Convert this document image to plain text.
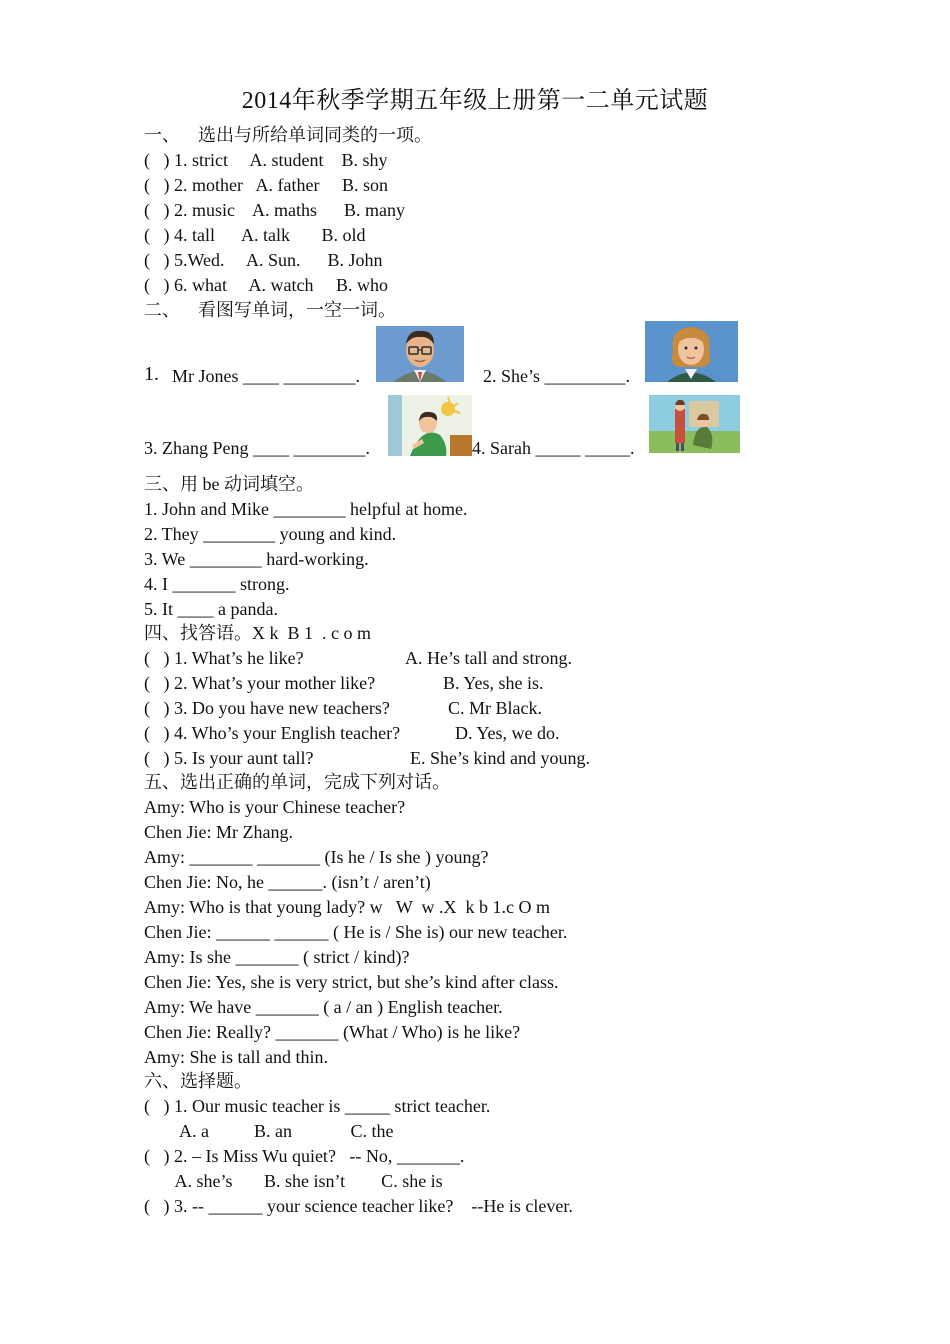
2014年秋季学期五年级上册第一二单元试题
一、    选出与所给单词同类的一项。
(   ) 1. strict     A. student    B. shy
(   ) 2. mother   A. father     B. son
(   ) 2. music    A. maths      B. many
(   ) 4. tall      A. talk       B. old
(   ) 5.Wed.     A. Sun.      B. John
(   ) 6. what     A. watch     B. who
二、    看图写单词，一空一词。
1. Mr Jones ____ ________.	2. She’s _________.
3. Zhang Peng ____ ________.	4. Sarah _____ _____.
三、用 be 动词填空。
1. John and Mike ________ helpful at home.
2. They ________ young and kind.
3. We ________ hard-working.
4. I _______ strong.
5. It ____ a panda.
四、找答语。X k  B 1  . c o m
(   ) 1. What’s he like?	A. He’s tall and strong.
(   ) 2. What’s your mother like?	B. Yes, she is.
(   ) 3. Do you have new teachers?	C. Mr Black.
(   ) 4. Who’s your English teacher?	D. Yes, we do.
(   ) 5. Is your aunt tall?	E. She’s kind and young.
五、选出正确的单词，完成下列对话。
Amy: Who is your Chinese teacher?
Chen Jie: Mr Zhang.
Amy: _______ _______ (Is he / Is she ) young?
Chen Jie: No, he ______. (isn’t / aren’t)
Amy: Who is that young lady? w   W  w .X  k b 1.c O m
Chen Jie: ______ ______ ( He is / She is) our new teacher.
Amy: Is she _______ ( strict / kind)?
Chen Jie: Yes, she is very strict, but she’s kind after class.
Amy: We have _______ ( a / an ) English teacher.
Chen Jie: Really? _______ (What / Who) is he like?
Amy: She is tall and thin.
六、选择题。
(   ) 1. Our music teacher is _____ strict teacher.
A. a          B. an             C. the
(   ) 2. – Is Miss Wu quiet?   -- No, _______.
A. she’s       B. she isn’t        C. she is
(   ) 3. -- ______ your science teacher like?    --He is clever.
